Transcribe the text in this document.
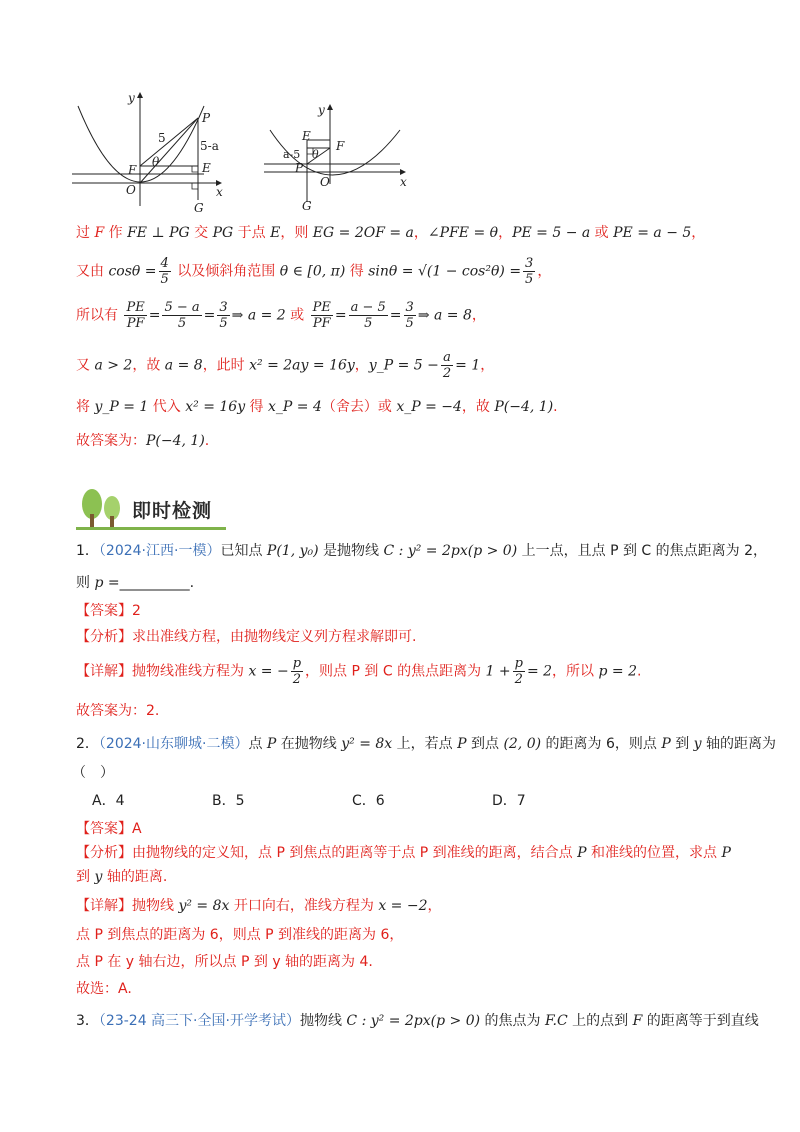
y
x
P
F	E
O
G
5
θ
5-a
y
x
E
F
P
O
G
a-5 θ
过 F 作 FE ⊥ PG 交 PG 于点 E，则 EG = 2OF = a，∠PFE = θ，PE = 5 − a 或 PE = a − 5，
又由 $\cos\theta = \frac{4}{5}$ 以及倾斜角范围 θ ∈ [0, π) 得 $\sin\theta = √(1 - \cos^2\theta) = \frac{3}{5}$ ，
所以有 $\frac{PE}{PF} = \frac{5 - a}{5} = \frac{3}{5}$ ⇒ a = 2 或 $\frac{PE}{PF} = \frac{a - 5}{5} = \frac{3}{5}$ ⇒ a = 8，
又 a > 2，故 a = 8，此时 x² = 2ay = 16y，y_P = $5 - \frac{a}{2} = 1$，
将 y_P = 1 代入 x² = 16y 得 x_P = 4（舍去）或 x_P = −4，故 P(−4, 1).
故答案为：P(−4, 1).
即时检测
1．（2024·江西·一模）已知点 P(1, y₀) 是抛物线 C : y² = 2px(p > 0) 上一点，且点 P 到 C 的焦点距离为 2，
则 p =__________.
【答案】2
【分析】求出准线方程，由抛物线定义列方程求解即可.
【详解】抛物线准线方程为 x = − $\frac{p}{2}$ ，则点 P 到 C 的焦点距离为 $1 + \frac{p}{2} = 2$，所以 p = 2.
故答案为：2.
2．（2024·山东聊城·二模）点 P 在抛物线 y² = 8x 上，若点 P 到点 (2, 0) 的距离为 6，则点 P 到 y 轴的距离为
（　）
A．4	B．5	C．6	D．7
【答案】A
【分析】由抛物线的定义知，点 P 到焦点的距离等于点 P 到准线的距离，结合点 P 和准线的位置，求点 P
到 y 轴的距离.
【详解】抛物线 y² = 8x 开口向右，准线方程为 x = −2，
点 P 到焦点的距离为 6，则点 P 到准线的距离为 6，
点 P 在 y 轴右边，所以点 P 到 y 轴的距离为 4.
故选：A.
3．（23-24 高三下·全国·开学考试）抛物线 C : y² = 2px(p > 0) 的焦点为 F.C 上的点到 F 的距离等于到直线
